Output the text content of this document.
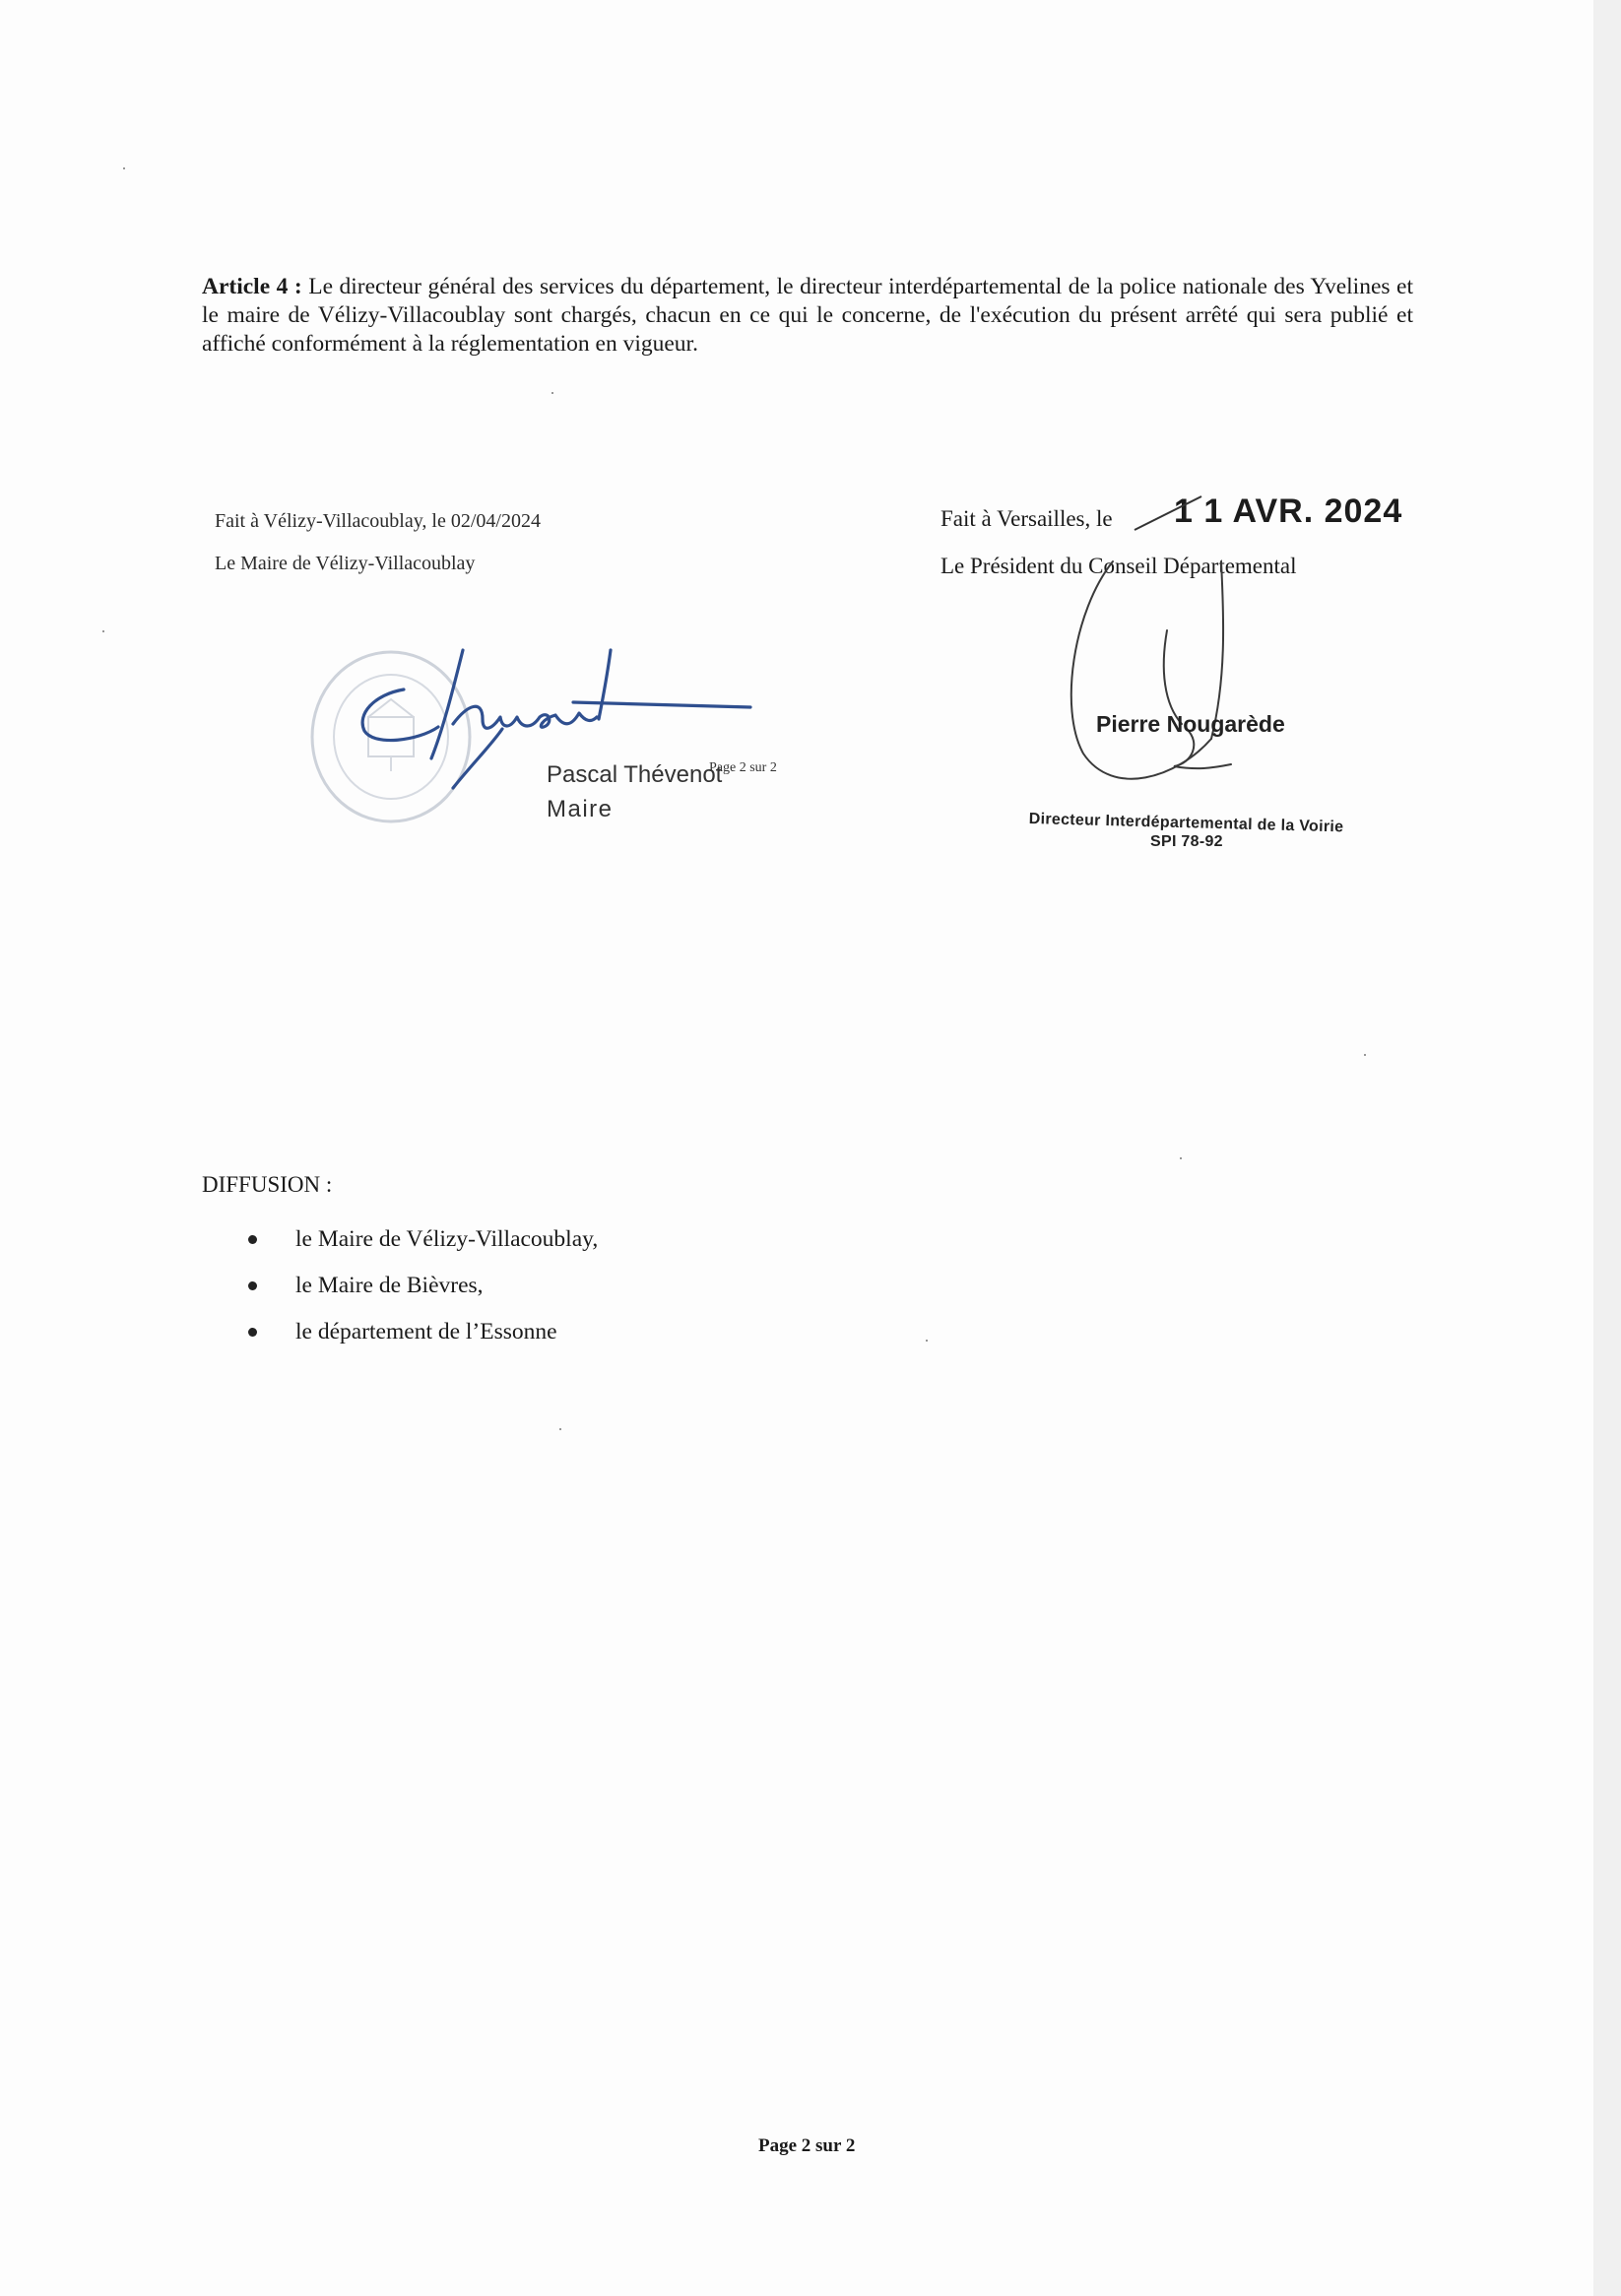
Article 4 : Le directeur général des services du département, le directeur interdépartemental de la police nationale des Yvelines et le maire de Vélizy-Villacoublay sont chargés, chacun en ce qui le concerne, de l'exécution du présent arrêté qui sera publié et affiché conformément à la réglementation en vigueur.
Fait à Vélizy-Villacoublay, le 02/04/2024
Le Maire de Vélizy-Villacoublay
Pascal Thévenot
Page 2 sur 2
Maire
Fait à Versailles, le 1 1 AVR. 2024
Le Président du Conseil Départemental
Pierre Nougarède
Directeur Interdépartemental de la Voirie
SPI 78-92
DIFFUSION :
le Maire de Vélizy-Villacoublay,
le Maire de Bièvres,
le département de l’Essonne
Page 2 sur 2
